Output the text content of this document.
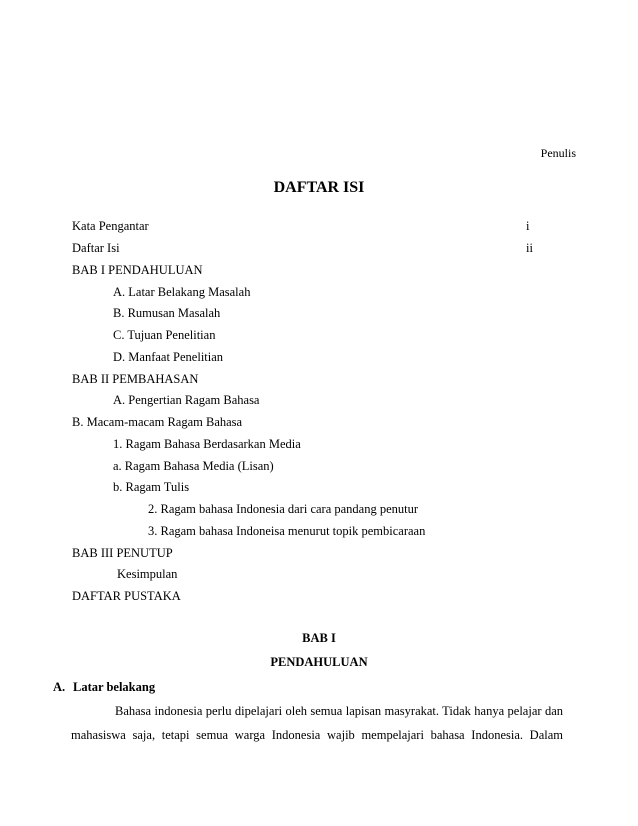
Penulis
DAFTAR ISI
Kata Pengantar	i
Daftar Isi	ii
BAB I PENDAHULUAN
A. Latar Belakang Masalah
B. Rumusan Masalah
C. Tujuan Penelitian
D. Manfaat Penelitian
BAB II PEMBAHASAN
A. Pengertian Ragam Bahasa
B. Macam-macam Ragam Bahasa
1. Ragam Bahasa Berdasarkan Media
a. Ragam Bahasa Media (Lisan)
b. Ragam Tulis
2. Ragam bahasa Indonesia dari cara pandang penutur
3. Ragam bahasa Indoneisa menurut topik pembicaraan
BAB III PENUTUP
Kesimpulan
DAFTAR PUSTAKA
BAB I
PENDAHULUAN
A. Latar belakang
Bahasa indonesia perlu dipelajari oleh semua lapisan masyrakat. Tidak hanya pelajar dan
mahasiswa saja, tetapi semua warga Indonesia wajib mempelajari bahasa Indonesia. Dalam
